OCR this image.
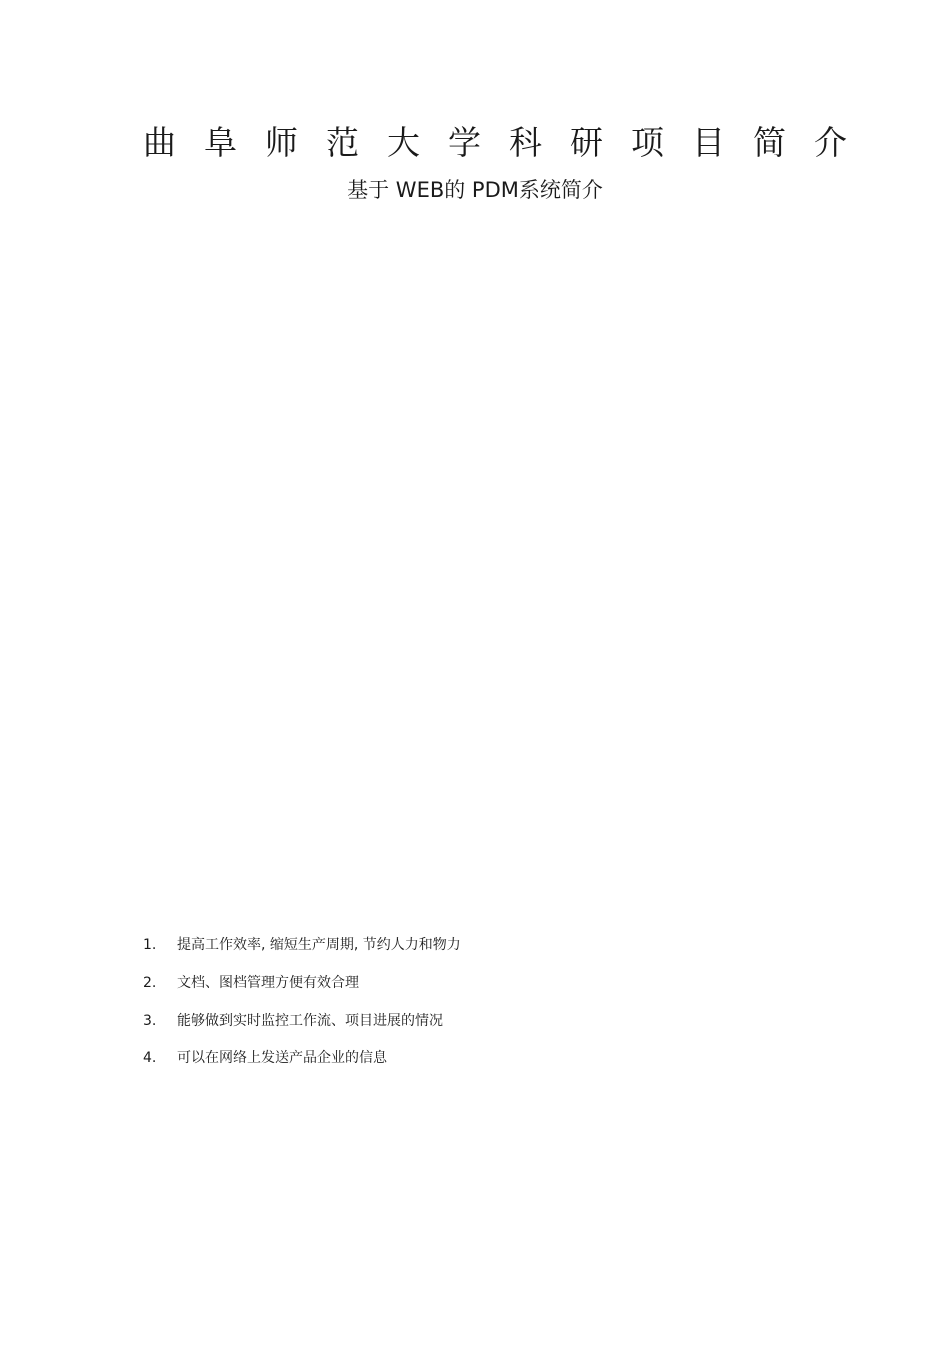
曲阜师范大学科研项目简介
基于 WEB的 PDM系统简介
1. 提高工作效率, 缩短生产周期, 节约人力和物力
2. 文档、图档管理方便有效合理
3. 能够做到实时监控工作流、项目进展的情况
4. 可以在网络上发送产品企业的信息
